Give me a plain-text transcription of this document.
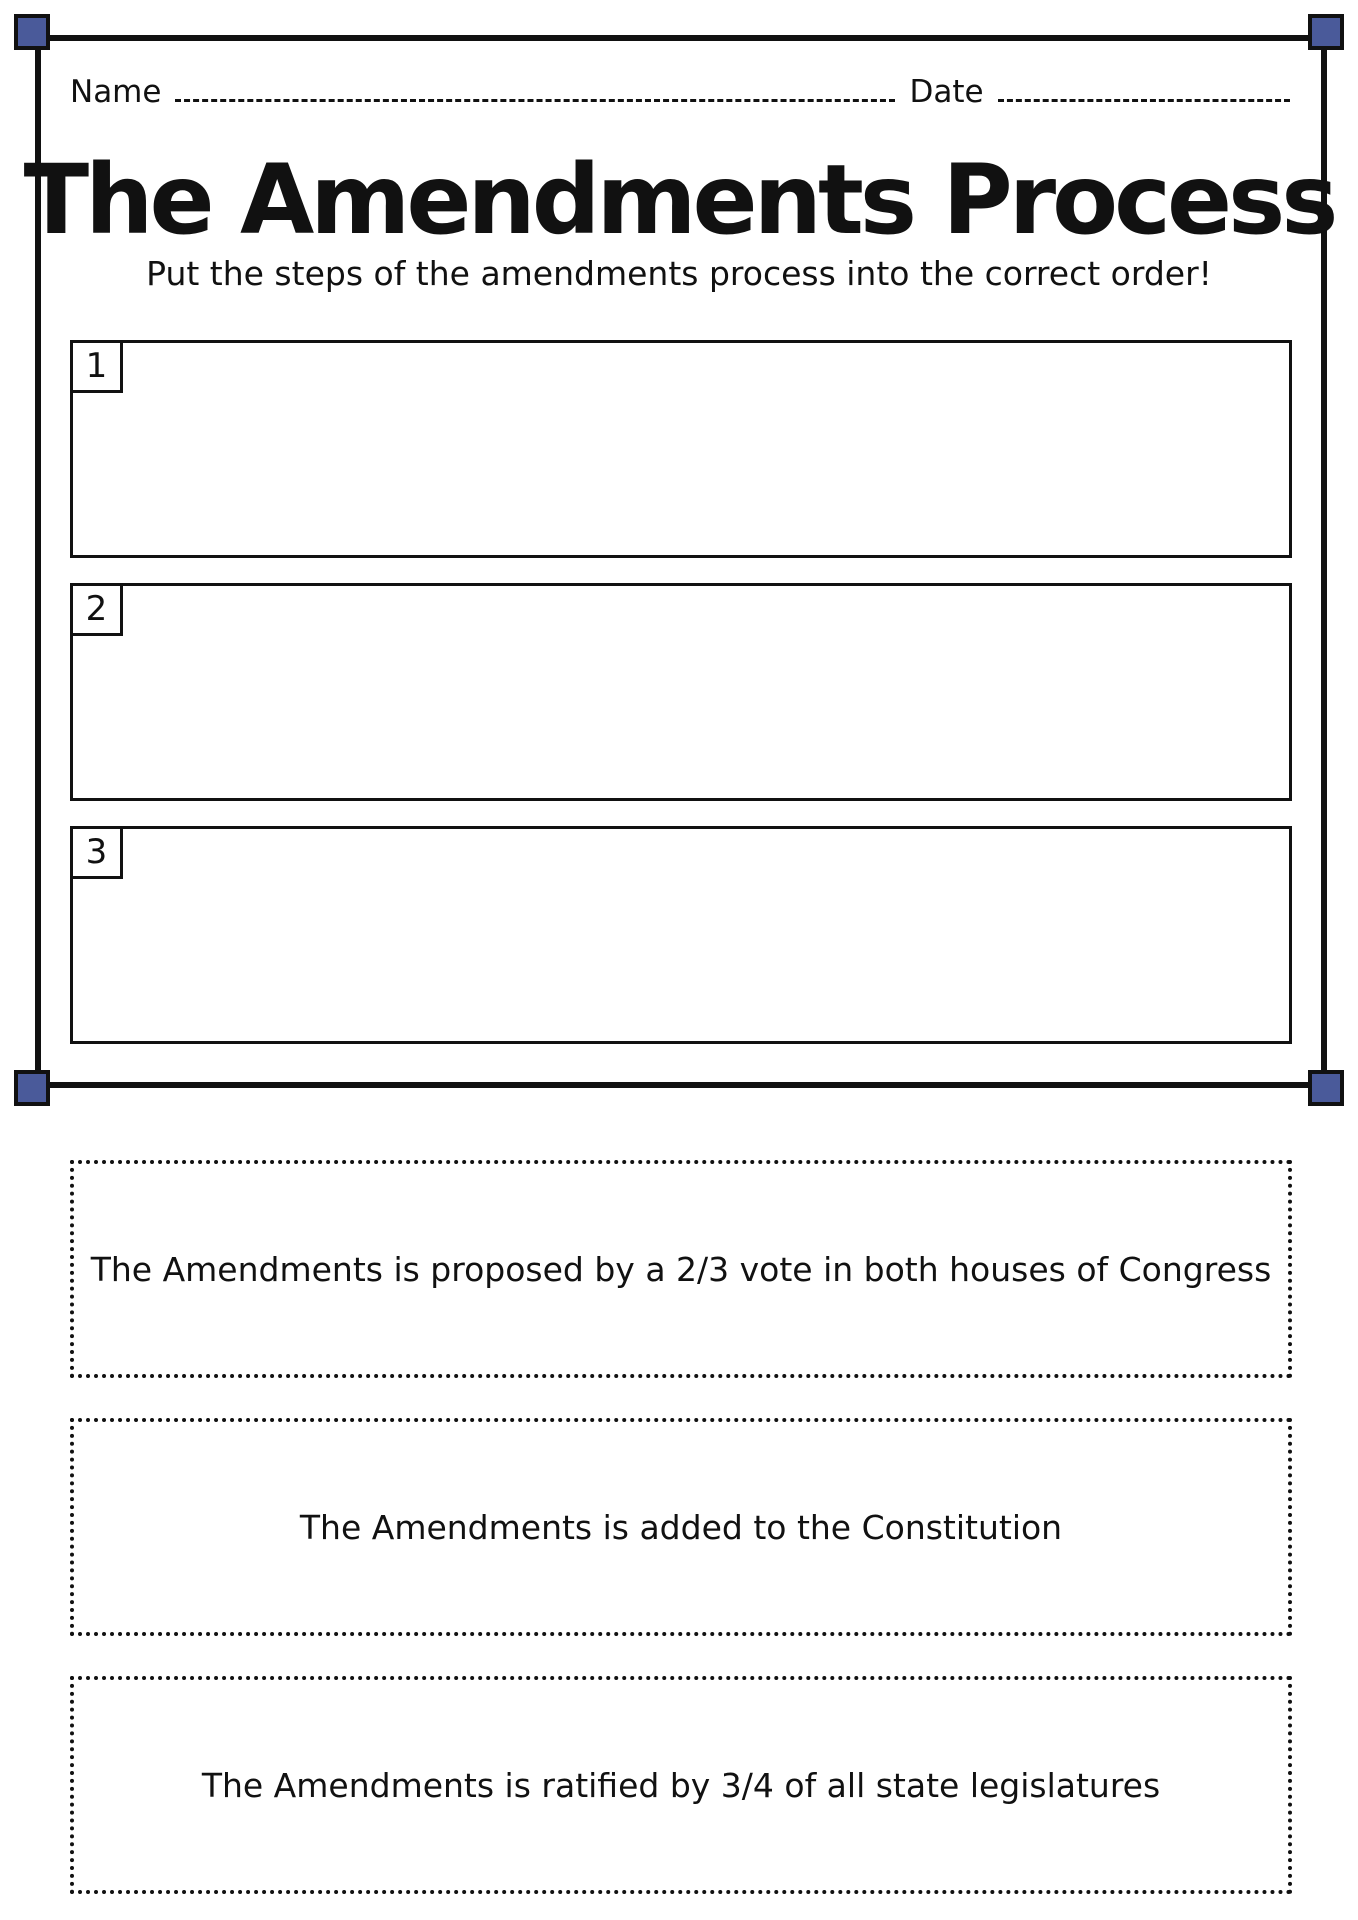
Name	Date
The Amendments Process
Put the steps of the amendments process into the correct order!
1
2
3
The Amendments is proposed by a 2/3 vote in both houses of Congress
The Amendments is added to the Constitution
The Amendments is ratified by 3/4 of all state legislatures
